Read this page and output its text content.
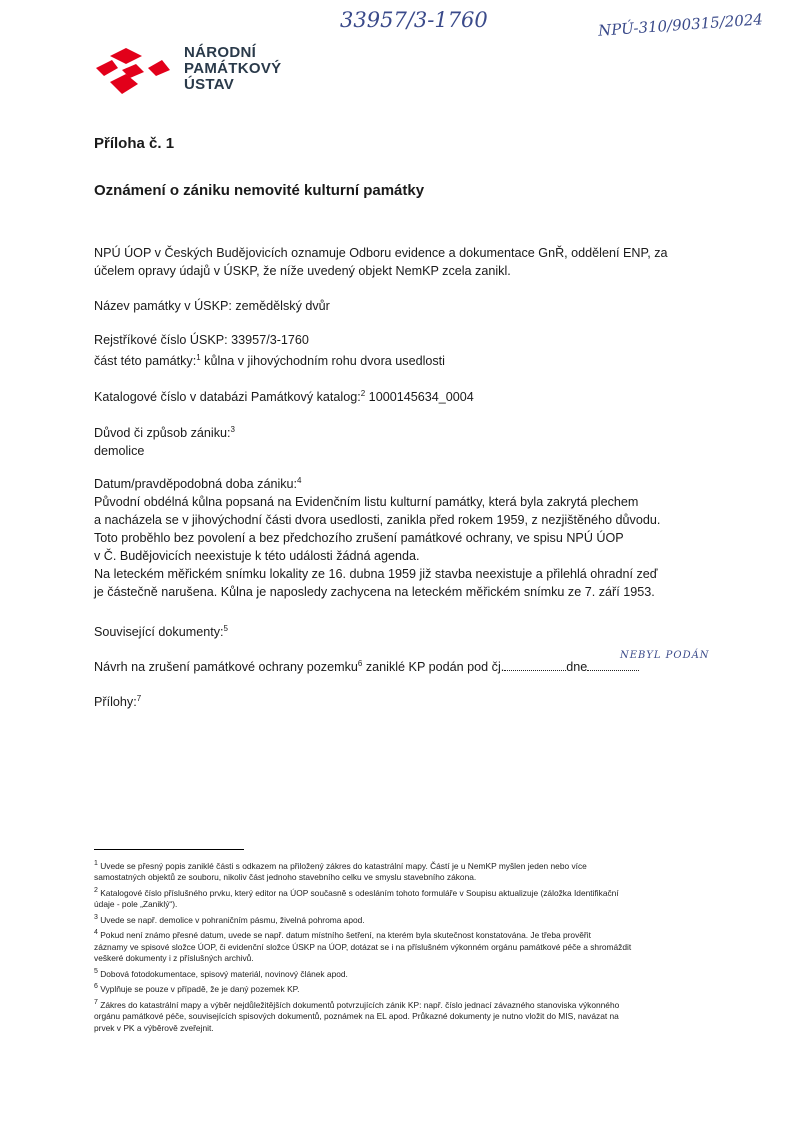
33957/3-1760	NPÚ-310/90315/2024
NÁRODNÍ
PAMÁTKOVÝ
ÚSTAV
Příloha č. 1
Oznámení o zániku nemovité kulturní památky
NPÚ ÚOP v Českých Budějovicích oznamuje Odboru evidence a dokumentace GnŘ, oddělení ENP, za
účelem opravy údajů v ÚSKP, že níže uvedený objekt NemKP zcela zanikl.
Název památky v ÚSKP: zemědělský dvůr
Rejstříkové číslo ÚSKP: 33957/3-1760
část této památky:$^1$ kůlna v jihovýchodním rohu dvora usedlosti
Katalogové číslo v databázi Památkový katalog:$^2$ 1000145634_0004
Důvod či způsob zániku:$^3$
demolice
Datum/pravděpodobná doba zániku:$^4$
Původní obdélná kůlna popsaná na Evidenčním listu kulturní památky, která byla zakrytá plechem
a nacházela se v jihovýchodní části dvora usedlosti, zanikla před rokem 1959, z nezjištěného důvodu.
Toto proběhlo bez povolení a bez předchozího zrušení památkové ochrany, ve spisu NPÚ ÚOP
v Č. Budějovicích neexistuje k této události žádná agenda.
Na leteckém měřickém snímku lokality ze 16. dubna 1959 již stavba neexistuje a přilehlá ohradní zeď
je částečně narušena. Kůlna je naposledy zachycena na leteckém měřickém snímku ze 7. září 1953.
Související dokumenty:$^5$
Návrh na zrušení památkové ochrany pozemku$^6$ zaniklé KP podán pod čj.	dne
NEBYL PODÁN
Přílohy:$^7$
$^1$ Uvede se přesný popis zaniklé části s odkazem na přiložený zákres do katastrální mapy. Částí je u NemKP myšlen jeden nebo více
samostatných objektů ze souboru, nikoliv část jednoho stavebního celku ve smyslu stavebního zákona.
$^2$ Katalogové číslo příslušného prvku, který editor na ÚOP současně s odesláním tohoto formuláře v Soupisu aktualizuje (záložka Identifikační
údaje - pole „Zaniklý“).
$^3$ Uvede se např. demolice v pohraničním pásmu, živelná pohroma apod.
$^4$ Pokud není známo přesné datum, uvede se např. datum místního šetření, na kterém byla skutečnost konstatována. Je třeba prověřit
záznamy ve spisové složce ÚOP, či evidenční složce ÚSKP na ÚOP, dotázat se i na příslušném výkonném orgánu památkové péče a shromáždit
veškeré dokumenty i z příslušných archivů.
$^5$ Dobová fotodokumentace, spisový materiál, novinový článek apod.
$^6$ Vyplňuje se pouze v případě, že je daný pozemek KP.
$^7$ Zákres do katastrální mapy a výběr nejdůležitějších dokumentů potvrzujících zánik KP: např. číslo jednací závazného stanoviska výkonného
orgánu památkové péče, souvisejících spisových dokumentů, poznámek na EL apod. Průkazné dokumenty je nutno vložit do MIS, navázat na
prvek v PK a výběrově zveřejnit.
